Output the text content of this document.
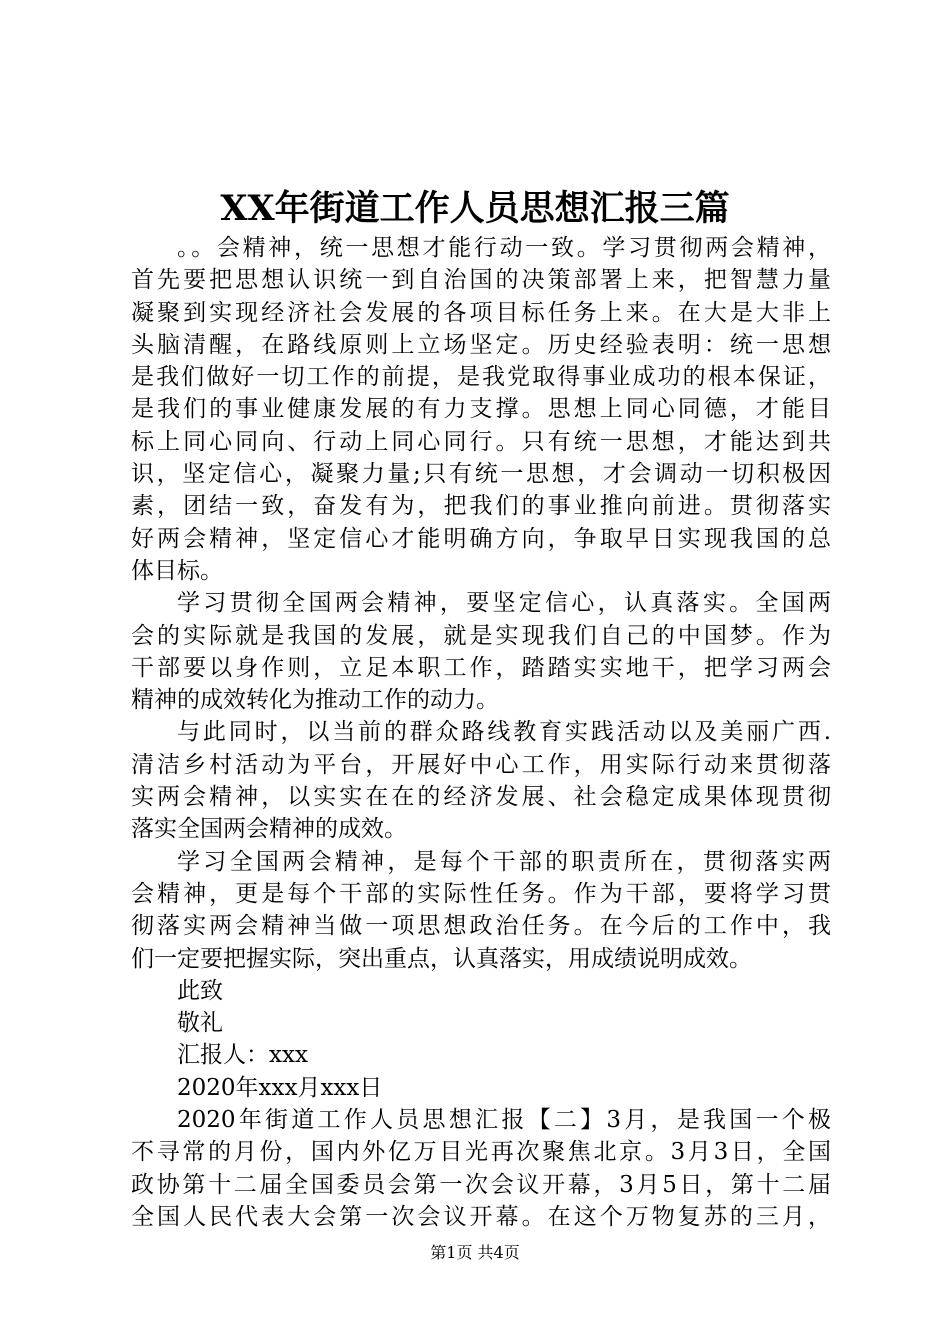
XX年街道工作人员思想汇报三篇
。。会精神，统一思想才能行动一致。学习贯彻两会精神，
首先要把思想认识统一到自治国的决策部署上来，把智慧力量
凝聚到实现经济社会发展的各项目标任务上来。在大是大非上
头脑清醒，在路线原则上立场坚定。历史经验表明：统一思想
是我们做好一切工作的前提，是我党取得事业成功的根本保证，
是我们的事业健康发展的有力支撑。思想上同心同德，才能目
标上同心同向、行动上同心同行。只有统一思想，才能达到共
识，坚定信心，凝聚力量;只有统一思想，才会调动一切积极因
素，团结一致，奋发有为，把我们的事业推向前进。贯彻落实
好两会精神，坚定信心才能明确方向，争取早日实现我国的总
体目标。
学习贯彻全国两会精神，要坚定信心，认真落实。全国两
会的实际就是我国的发展，就是实现我们自己的中国梦。作为
干部要以身作则，立足本职工作，踏踏实实地干，把学习两会
精神的成效转化为推动工作的动力。
与此同时，以当前的群众路线教育实践活动以及美丽广西.
清洁乡村活动为平台，开展好中心工作，用实际行动来贯彻落
实两会精神，以实实在在的经济发展、社会稳定成果体现贯彻
落实全国两会精神的成效。
学习全国两会精神，是每个干部的职责所在，贯彻落实两
会精神，更是每个干部的实际性任务。作为干部，要将学习贯
彻落实两会精神当做一项思想政治任务。在今后的工作中，我
们一定要把握实际，突出重点，认真落实，用成绩说明成效。
此致
敬礼
汇报人：xxx
2020年xxx月xxx日
2020年街道工作人员思想汇报【二】3月，是我国一个极
不寻常的月份，国内外亿万目光再次聚焦北京。3月3日，全国
政协第十二届全国委员会第一次会议开幕，3月5日，第十二届
全国人民代表大会第一次会议开幕。在这个万物复苏的三月，
第1页 共4页
